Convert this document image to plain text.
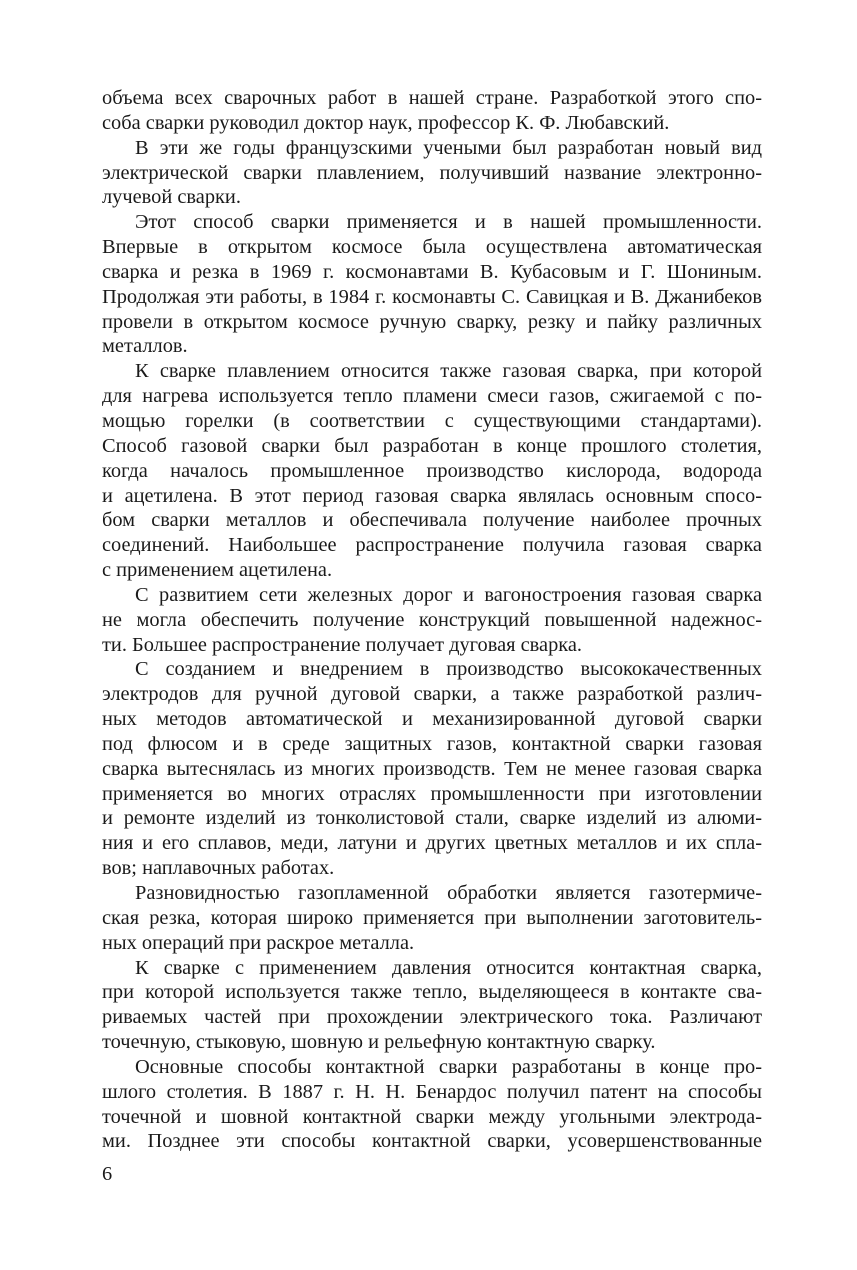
объема всех сварочных работ в нашей стране. Разработкой этого спо-
соба сварки руководил доктор наук, профессор К. Ф. Любавский.
В эти же годы французскими учеными был разработан новый вид
электрической сварки плавлением, получивший название электронно-
лучевой сварки.
Этот способ сварки применяется и в нашей промышленности.
Впервые в открытом космосе была осуществлена автоматическая
сварка и резка в 1969 г. космонавтами В. Кубасовым и Г. Шониным.
Продолжая эти работы, в 1984 г. космонавты С. Савицкая и В. Джанибеков
провели в открытом космосе ручную сварку, резку и пайку различных
металлов.
К сварке плавлением относится также газовая сварка, при которой
для нагрева используется тепло пламени смеси газов, сжигаемой с по-
мощью горелки (в соответствии с существующими стандартами).
Способ газовой сварки был разработан в конце прошлого столетия,
когда началось промышленное производство кислорода, водорода
и ацетилена. В этот период газовая сварка являлась основным спосо-
бом сварки металлов и обеспечивала получение наиболее прочных
соединений. Наибольшее распространение получила газовая сварка
с применением ацетилена.
С развитием сети железных дорог и вагоностроения газовая сварка
не могла обеспечить получение конструкций повышенной надежнос-
ти. Большее распространение получает дуговая сварка.
С созданием и внедрением в производство высококачественных
электродов для ручной дуговой сварки, а также разработкой различ-
ных методов автоматической и механизированной дуговой сварки
под флюсом и в среде защитных газов, контактной сварки газовая
сварка вытеснялась из многих производств. Тем не менее газовая сварка
применяется во многих отраслях промышленности при изготовлении
и ремонте изделий из тонколистовой стали, сварке изделий из алюми-
ния и его сплавов, меди, латуни и других цветных металлов и их спла-
вов; наплавочных работах.
Разновидностью газопламенной обработки является газотермиче-
ская резка, которая широко применяется при выполнении заготовитель-
ных операций при раскрое металла.
К сварке с применением давления относится контактная сварка,
при которой используется также тепло, выделяющееся в контакте сва-
риваемых частей при прохождении электрического тока. Различают
точечную, стыковую, шовную и рельефную контактную сварку.
Основные способы контактной сварки разработаны в конце про-
шлого столетия. В 1887 г. Н. Н. Бенардос получил патент на способы
точечной и шовной контактной сварки между угольными электрода-
ми. Позднее эти способы контактной сварки, усовершенствованные
6
